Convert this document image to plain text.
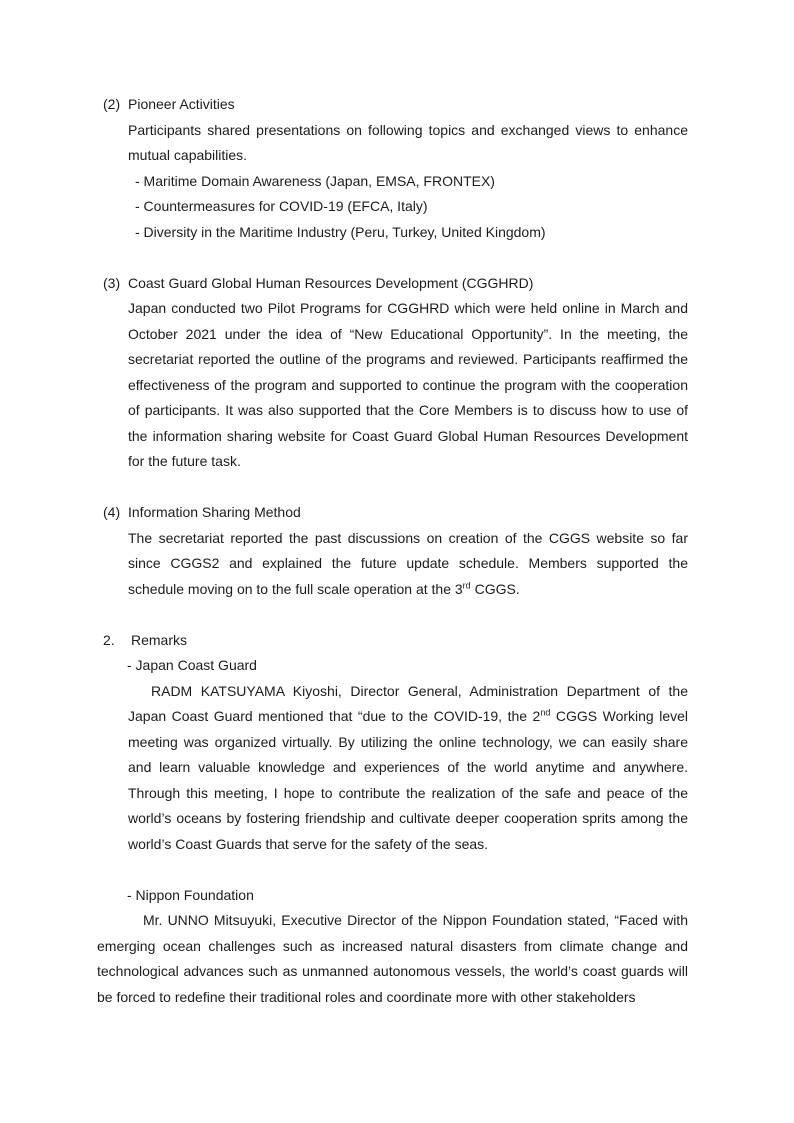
(2) Pioneer Activities

Participants shared presentations on following topics and exchanged views to enhance mutual capabilities.

- Maritime Domain Awareness (Japan, EMSA, FRONTEX)
- Countermeasures for COVID-19 (EFCA, Italy)
- Diversity in the Maritime Industry (Peru, Turkey, United Kingdom)
(3) Coast Guard Global Human Resources Development (CGGHRD)

Japan conducted two Pilot Programs for CGGHRD which were held online in March and October 2021 under the idea of “New Educational Opportunity”. In the meeting, the secretariat reported the outline of the programs and reviewed. Participants reaffirmed the effectiveness of the program and supported to continue the program with the cooperation of participants. It was also supported that the Core Members is to discuss how to use of the information sharing website for Coast Guard Global Human Resources Development for the future task.

(4) Information Sharing Method

The secretariat reported the past discussions on creation of the CGGS website so far since CGGS2 and explained the future update schedule. Members supported the schedule moving on to the full scale operation at the 3rd CGGS.

2.	Remarks
- Japan Coast Guard

RADM KATSUYAMA Kiyoshi, Director General, Administration Department of the Japan Coast Guard mentioned that “due to the COVID-19, the 2nd CGGS Working level meeting was organized virtually. By utilizing the online technology, we can easily share and learn valuable knowledge and experiences of the world anytime and anywhere. Through this meeting, I hope to contribute the realization of the safe and peace of the world’s oceans by fostering friendship and cultivate deeper cooperation sprits among the world’s Coast Guards that serve for the safety of the seas.

- Nippon Foundation

Mr. UNNO Mitsuyuki, Executive Director of the Nippon Foundation stated, “Faced with emerging ocean challenges such as increased natural disasters from climate change and technological advances such as unmanned autonomous vessels, the world’s coast guards will be forced to redefine their traditional roles and coordinate more with other stakeholders
